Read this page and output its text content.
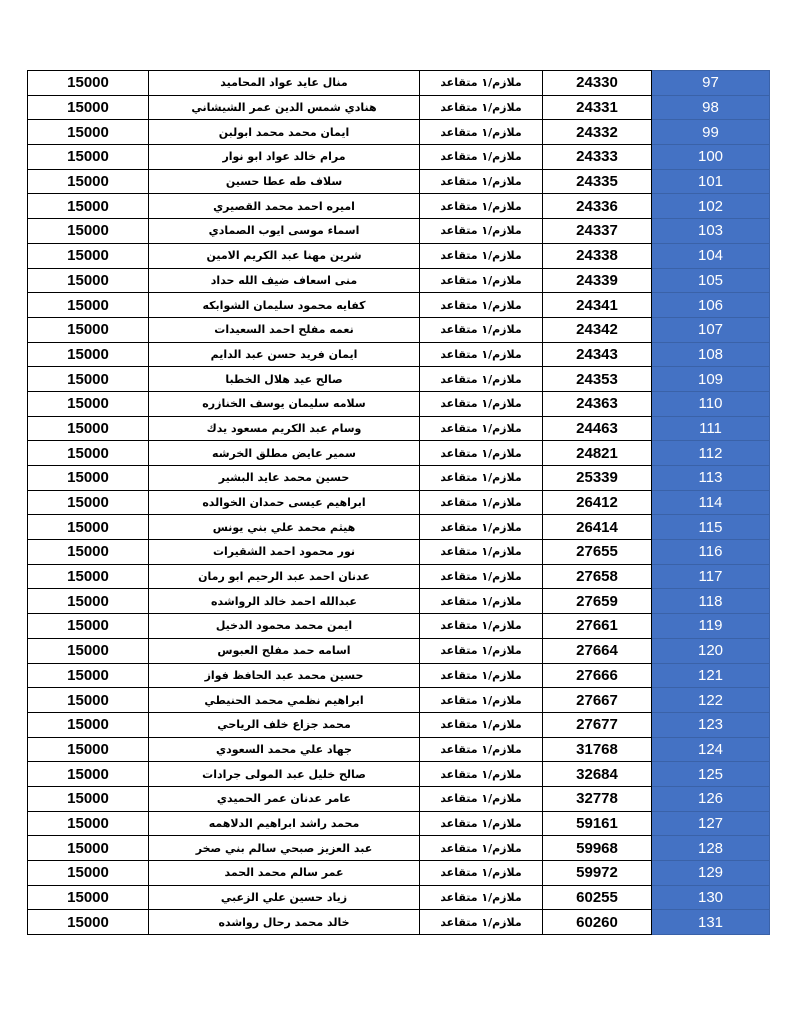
15000	منال عايد عواد المحاميد	ملازم/١ متقاعد	24330	97
15000	هنادي شمس الدين عمر الشيشاني	ملازم/١ متقاعد	24331	98
15000	ايمان محمد محمد ابولبن	ملازم/١ متقاعد	24332	99
15000	مرام خالد عواد ابو نوار	ملازم/١ متقاعد	24333	100
15000	سلاف طه عطا حسين	ملازم/١ متقاعد	24335	101
15000	اميره احمد محمد القصيري	ملازم/١ متقاعد	24336	102
15000	اسماء موسى ايوب الصمادي	ملازم/١ متقاعد	24337	103
15000	شرين مهنا عبد الكريم الامين	ملازم/١ متقاعد	24338	104
15000	منى اسعاف ضيف الله حداد	ملازم/١ متقاعد	24339	105
15000	كفايه محمود سليمان الشوابكه	ملازم/١ متقاعد	24341	106
15000	نعمه مفلح احمد السعيدات	ملازم/١ متقاعد	24342	107
15000	ايمان فريد حسن عبد الدايم	ملازم/١ متقاعد	24343	108
15000	صالح عيد هلال الخطبا	ملازم/١ متقاعد	24353	109
15000	سلامه سليمان يوسف الخنازره	ملازم/١ متقاعد	24363	110
15000	وسام عبد الكريم مسعود يدك	ملازم/١ متقاعد	24463	111
15000	سمير عايض مطلق الخرشه	ملازم/١ متقاعد	24821	112
15000	حسين محمد عايد البشير	ملازم/١ متقاعد	25339	113
15000	ابراهيم عيسى حمدان الخوالده	ملازم/١ متقاعد	26412	114
15000	هيثم محمد علي بني يونس	ملازم/١ متقاعد	26414	115
15000	نور محمود احمد الشقيرات	ملازم/١ متقاعد	27655	116
15000	عدنان احمد عبد الرحيم ابو رمان	ملازم/١ متقاعد	27658	117
15000	عبدالله احمد خالد الرواشده	ملازم/١ متقاعد	27659	118
15000	ايمن محمد محمود الدخيل	ملازم/١ متقاعد	27661	119
15000	اسامه حمد مفلح العبوس	ملازم/١ متقاعد	27664	120
15000	حسين محمد عبد الحافظ فواز	ملازم/١ متقاعد	27666	121
15000	ابراهيم نظمي محمد الحنيطي	ملازم/١ متقاعد	27667	122
15000	محمد جزاع خلف الرياحي	ملازم/١ متقاعد	27677	123
15000	جهاد علي محمد السعودي	ملازم/١ متقاعد	31768	124
15000	صالح خليل عبد المولى جرادات	ملازم/١ متقاعد	32684	125
15000	عامر عدنان عمر الحميدي	ملازم/١ متقاعد	32778	126
15000	محمد راشد ابراهيم الدلاهمه	ملازم/١ متقاعد	59161	127
15000	عبد العزيز صبحي سالم بني صخر	ملازم/١ متقاعد	59968	128
15000	عمر سالم محمد الحمد	ملازم/١ متقاعد	59972	129
15000	زياد حسين علي الزعبي	ملازم/١ متقاعد	60255	130
15000	خالد محمد رحال رواشده	ملازم/١ متقاعد	60260	131
